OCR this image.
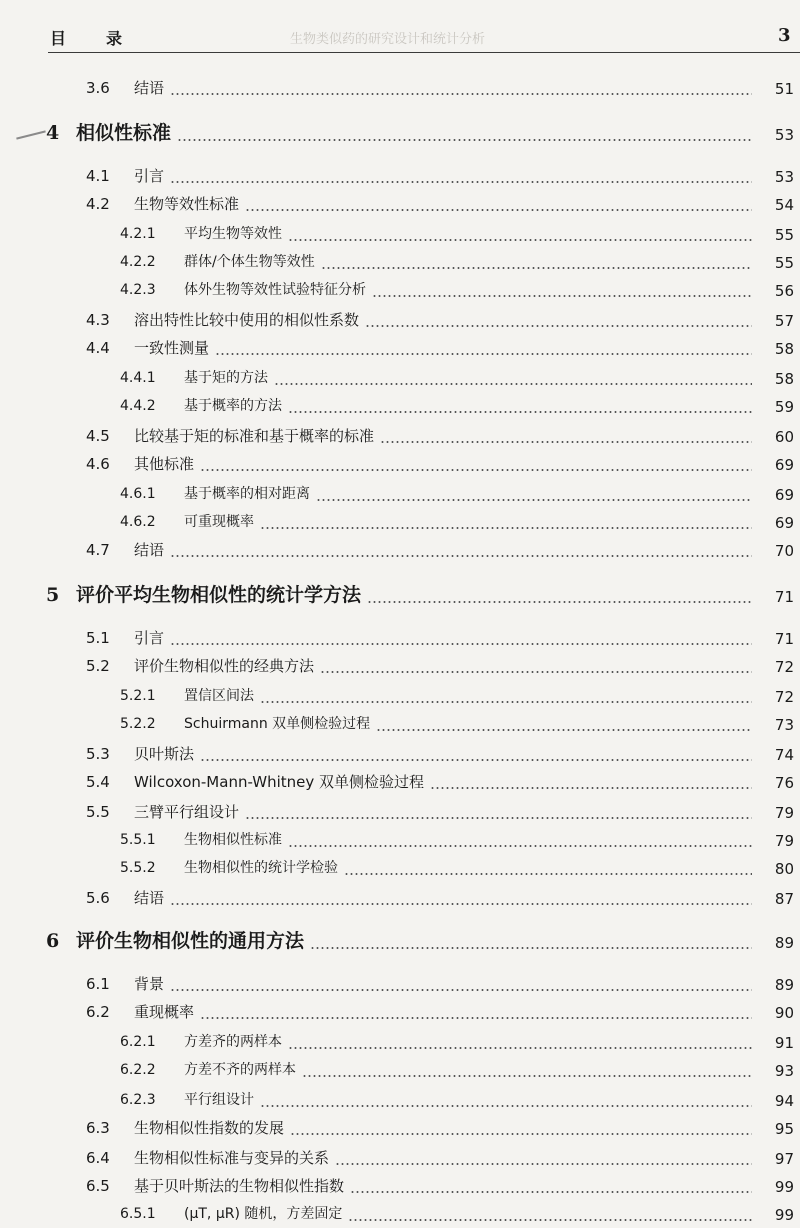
目	录	生物类似药的研究设计和统计分析	3
3.6 结语	51
4 相似性标准	53
4.1 引言	53
4.2 生物等效性标准	54
4.2.1 平均生物等效性	55
4.2.2 群体/个体生物等效性	55
4.2.3 体外生物等效性试验特征分析	56
4.3 溶出特性比较中使用的相似性系数	57
4.4 一致性测量	58
4.4.1 基于矩的方法	58
4.4.2 基于概率的方法	59
4.5 比较基于矩的标准和基于概率的标准	60
4.6 其他标准	69
4.6.1 基于概率的相对距离	69
4.6.2 可重现概率	69
4.7 结语	70
5 评价平均生物相似性的统计学方法	71
5.1 引言	71
5.2 评价生物相似性的经典方法	72
5.2.1 置信区间法	72
5.2.2 Schuirmann 双单侧检验过程	73
5.3 贝叶斯法	74
5.4 Wilcoxon-Mann-Whitney 双单侧检验过程	76
5.5 三臂平行组设计	79
5.5.1 生物相似性标准	79
5.5.2 生物相似性的统计学检验	80
5.6 结语	87
6 评价生物相似性的通用方法	89
6.1 背景	89
6.2 重现概率	90
6.2.1 方差齐的两样本	91
6.2.2 方差不齐的两样本	93
6.2.3 平行组设计	94
6.3 生物相似性指数的发展	95
6.4 生物相似性标准与变异的关系	97
6.5 基于贝叶斯法的生物相似性指数	99
6.5.1 (μT, μR) 随机，方差固定	99
